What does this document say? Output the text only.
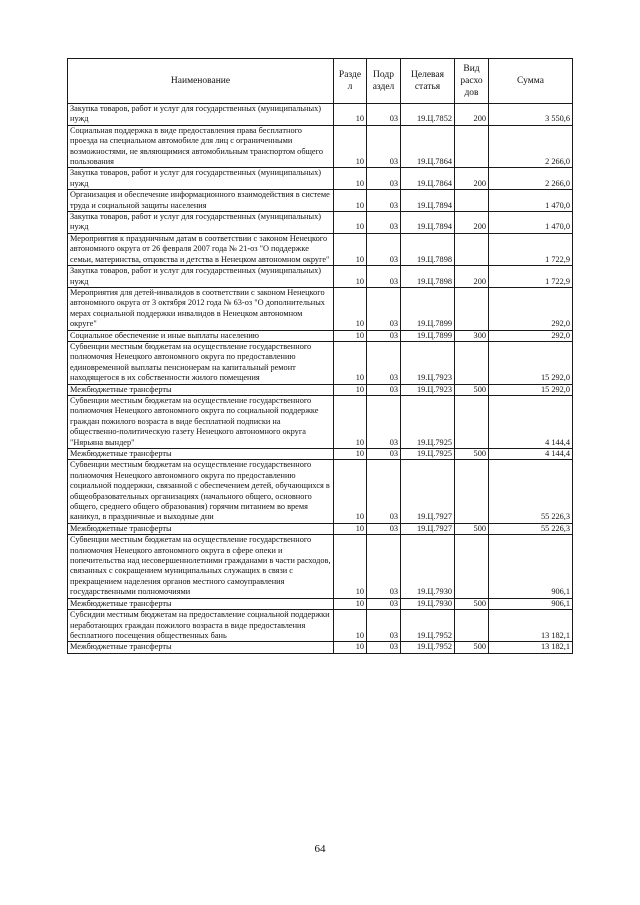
Наименование	Разде л	Подр аздел	Целевая статья	Вид расхо дов	Сумма
Закупка товаров, работ и услуг для государственных (муниципальных) нужд	10	03	19.Ц.7852	200	3 550,6
Социальная поддержка в виде предоставления права бесплатного проезда на специальном автомобиле для лиц с ограниченными возможностями, не являющимися автомобильным транспортом общего пользования	10	03	19.Ц.7864		2 266,0
Закупка товаров, работ и услуг для государственных (муниципальных) нужд	10	03	19.Ц.7864	200	2 266,0
Организация и обеспечение информационного взаимодействия в системе труда и социальной защиты населения	10	03	19.Ц.7894		1 470,0
Закупка товаров, работ и услуг для государственных (муниципальных) нужд	10	03	19.Ц.7894	200	1 470,0
Мероприятия к праздничным датам в соответствии с законом Ненецкого автономного округа от 26 февраля 2007 года № 21-оз "О поддержке семьи, материнства, отцовства и детства в Ненецком автономном округе"	10	03	19.Ц.7898		1 722,9
Закупка товаров, работ и услуг для государственных (муниципальных) нужд	10	03	19.Ц.7898	200	1 722,9
Мероприятия для детей-инвалидов в соответствии с законом Ненецкого автономного округа от 3 октября 2012 года № 63-оз "О дополнительных мерах социальной поддержки инвалидов в Ненецком автономном округе"	10	03	19.Ц.7899		292,0
Социальное обеспечение и иные выплаты населению	10	03	19.Ц.7899	300	292,0
Субвенции местным бюджетам на осуществление государственного полномочия Ненецкого автономного округа по предоставлению единовременной выплаты пенсионерам на капитальный ремонт находящегося в их собственности жилого помещения	10	03	19.Ц.7923		15 292,0
Межбюджетные трансферты	10	03	19.Ц.7923	500	15 292,0
Субвенции местным бюджетам на осуществление государственного полномочия Ненецкого автономного округа по социальной поддержке граждан пожилого возраста в виде бесплатной подписки на общественно-политическую газету Ненецкого автономного округа "Нярьяна вындер"	10	03	19.Ц.7925		4 144,4
Межбюджетные трансферты	10	03	19.Ц.7925	500	4 144,4
Субвенции местным бюджетам на осуществление государственного полномочия Ненецкого автономного округа по предоставлению социальной поддержки, связанной с обеспечением детей, обучающихся в общеобразовательных организациях (начального общего, основного общего, среднего общего образования) горячим питанием во время каникул, в праздничные и выходные дни	10	03	19.Ц.7927		55 226,3
Межбюджетные трансферты	10	03	19.Ц.7927	500	55 226,3
Субвенции местным бюджетам на осуществление государственного полномочия Ненецкого автономного округа в сфере опеки и попечительства над несовершеннолетними гражданами в части расходов, связанных с сокращением муниципальных служащих в связи с прекращением наделения органов местного самоуправления государственными полномочиями	10	03	19.Ц.7930		906,1
Межбюджетные трансферты	10	03	19.Ц.7930	500	906,1
Субсидии местным бюджетам на предоставление социальной поддержки неработающих граждан пожилого возраста в виде предоставления бесплатного посещения общественных бань	10	03	19.Ц.7952		13 182,1
Межбюджетные трансферты	10	03	19.Ц.7952	500	13 182,1
64
